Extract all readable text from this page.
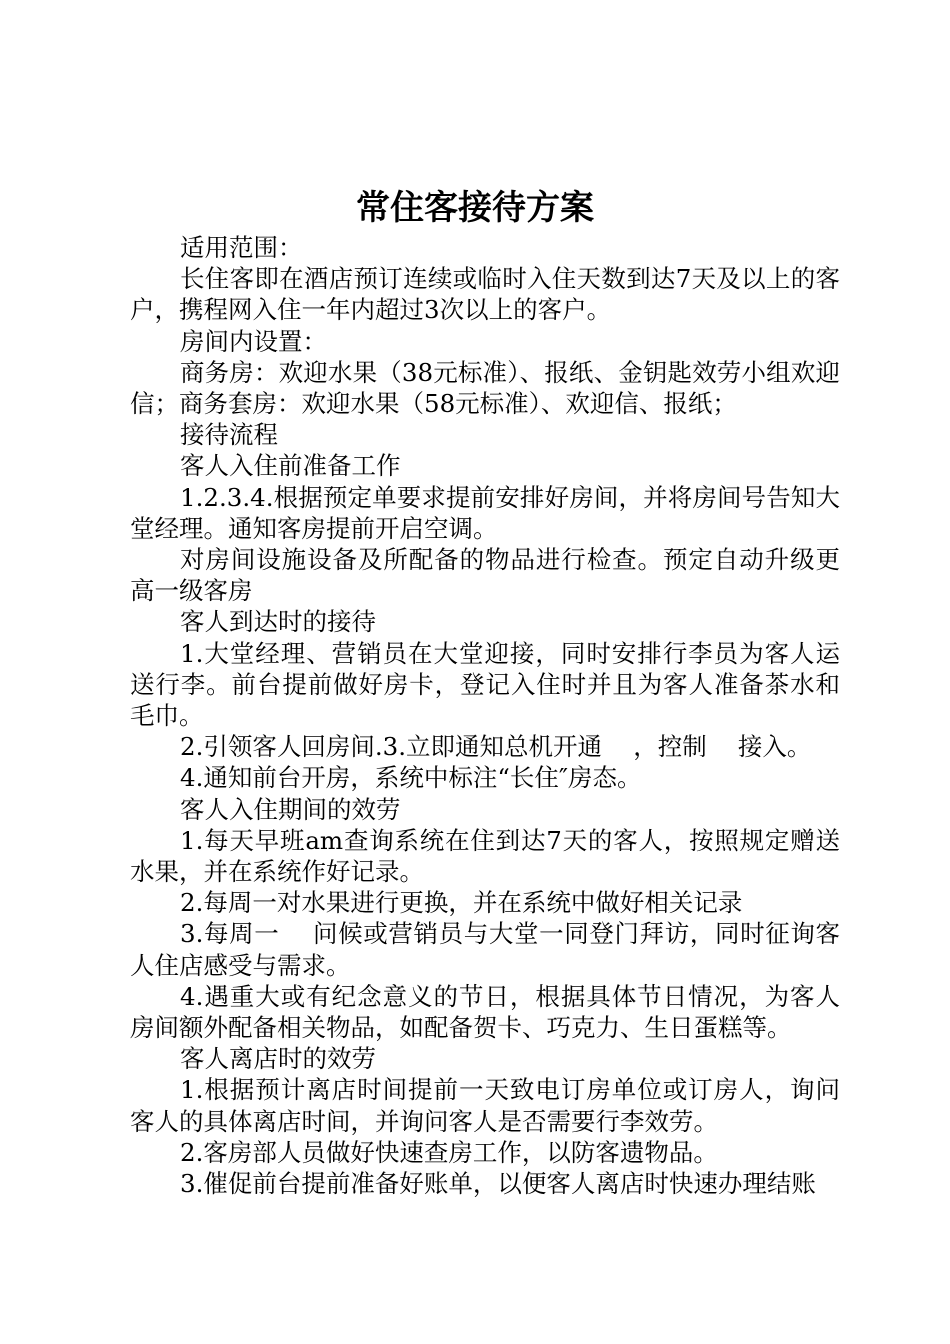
常住客接待方案

适用范围：

长住客即在酒店预订连续或临时入住天数到达7天及以上的客户，携程网入住一年内超过3次以上的客户。

房间内设置：

商务房：欢迎水果（38元标准）、报纸、金钥匙效劳小组欢迎信；商务套房：欢迎水果（58元标准）、欢迎信、报纸；

接待流程

客人入住前准备工作

1.2.3.4.根据预定单要求提前安排好房间，并将房间号告知大堂经理。通知客房提前开启空调。

对房间设施设备及所配备的物品进行检查。预定自动升级更高一级客房

客人到达时的接待

1.大堂经理、营销员在大堂迎接，同时安排行李员为客人运送行李。前台提前做好房卡，登记入住时并且为客人准备茶水和毛巾。

2.引领客人回房间.3.立即通知总机开通    ，控制    接入。

4.通知前台开房，系统中标注“长住″房态。

客人入住期间的效劳

1.每天早班am查询系统在住到达7天的客人，按照规定赠送水果，并在系统作好记录。

2.每周一对水果进行更换，并在系统中做好相关记录

3.每周一    问候或营销员与大堂一同登门拜访，同时征询客人住店感受与需求。

4.遇重大或有纪念意义的节日，根据具体节日情况，为客人房间额外配备相关物品，如配备贺卡、巧克力、生日蛋糕等。

客人离店时的效劳

1.根据预计离店时间提前一天致电订房单位或订房人，询问客人的具体离店时间，并询问客人是否需要行李效劳。

2.客房部人员做好快速查房工作，以防客遗物品。

3.催促前台提前准备好账单，以便客人离店时快速办理结账
